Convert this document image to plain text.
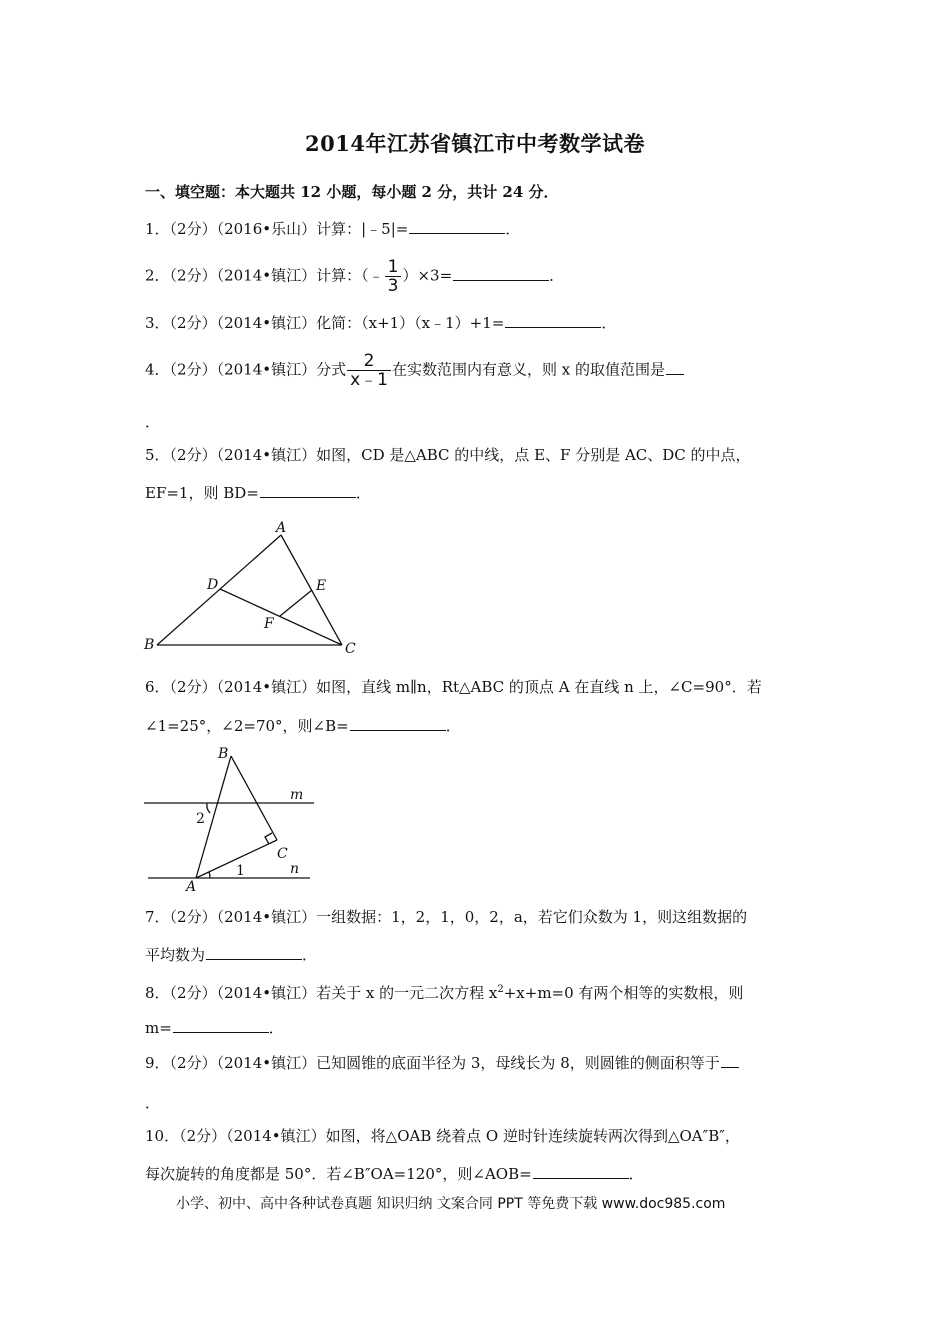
2014年江苏省镇江市中考数学试卷
一、填空题：本大题共 12 小题，每小题 2 分，共计 24 分．
1．（2分）（2016•乐山）计算：|﹣5|=	．
2．（2分）（2014•镇江）计算：（﹣ $\frac{1}{3} )\times 3=$	．
3．（2分）（2014•镇江）化简：（x+1）（x﹣1）+1=	．
4．（2分）（2014•镇江）分式 $\frac{2}{x﹣1}$ 在实数范围内有意义，则 x 的取值范围是
．
5．（2分）（2014•镇江）如图，CD 是△ABC 的中线，点 E、F 分别是 AC、DC 的中点，
EF=1，则 BD=	．
A
B	C
D	E
F
6．（2分）（2014•镇江）如图，直线 m∥n，Rt△ABC 的顶点 A 在直线 n 上，∠C=90°．若
∠1=25°，∠2=70°，则∠B=	．
B
A
C
m
n
1
2
7．（2分）（2014•镇江）一组数据：1，2，1，0，2，a，若它们众数为 1，则这组数据的
平均数为	．
8．（2分）（2014•镇江）若关于 x 的一元二次方程 $x^2+x+m=0$ 有两个相等的实数根，则
m=	．
9．（2分）（2014•镇江）已知圆锥的底面半径为 3，母线长为 8，则圆锥的侧面积等于
．
10．（2分）（2014•镇江）如图，将△OAB 绕着点 O 逆时针连续旋转两次得到△OA″B″，
每次旋转的角度都是 50°．若∠B″OA=120°，则∠AOB=	．
小学、初中、高中各种试卷真题 知识归纳 文案合同 PPT 等免费下载 www.doc985.com
